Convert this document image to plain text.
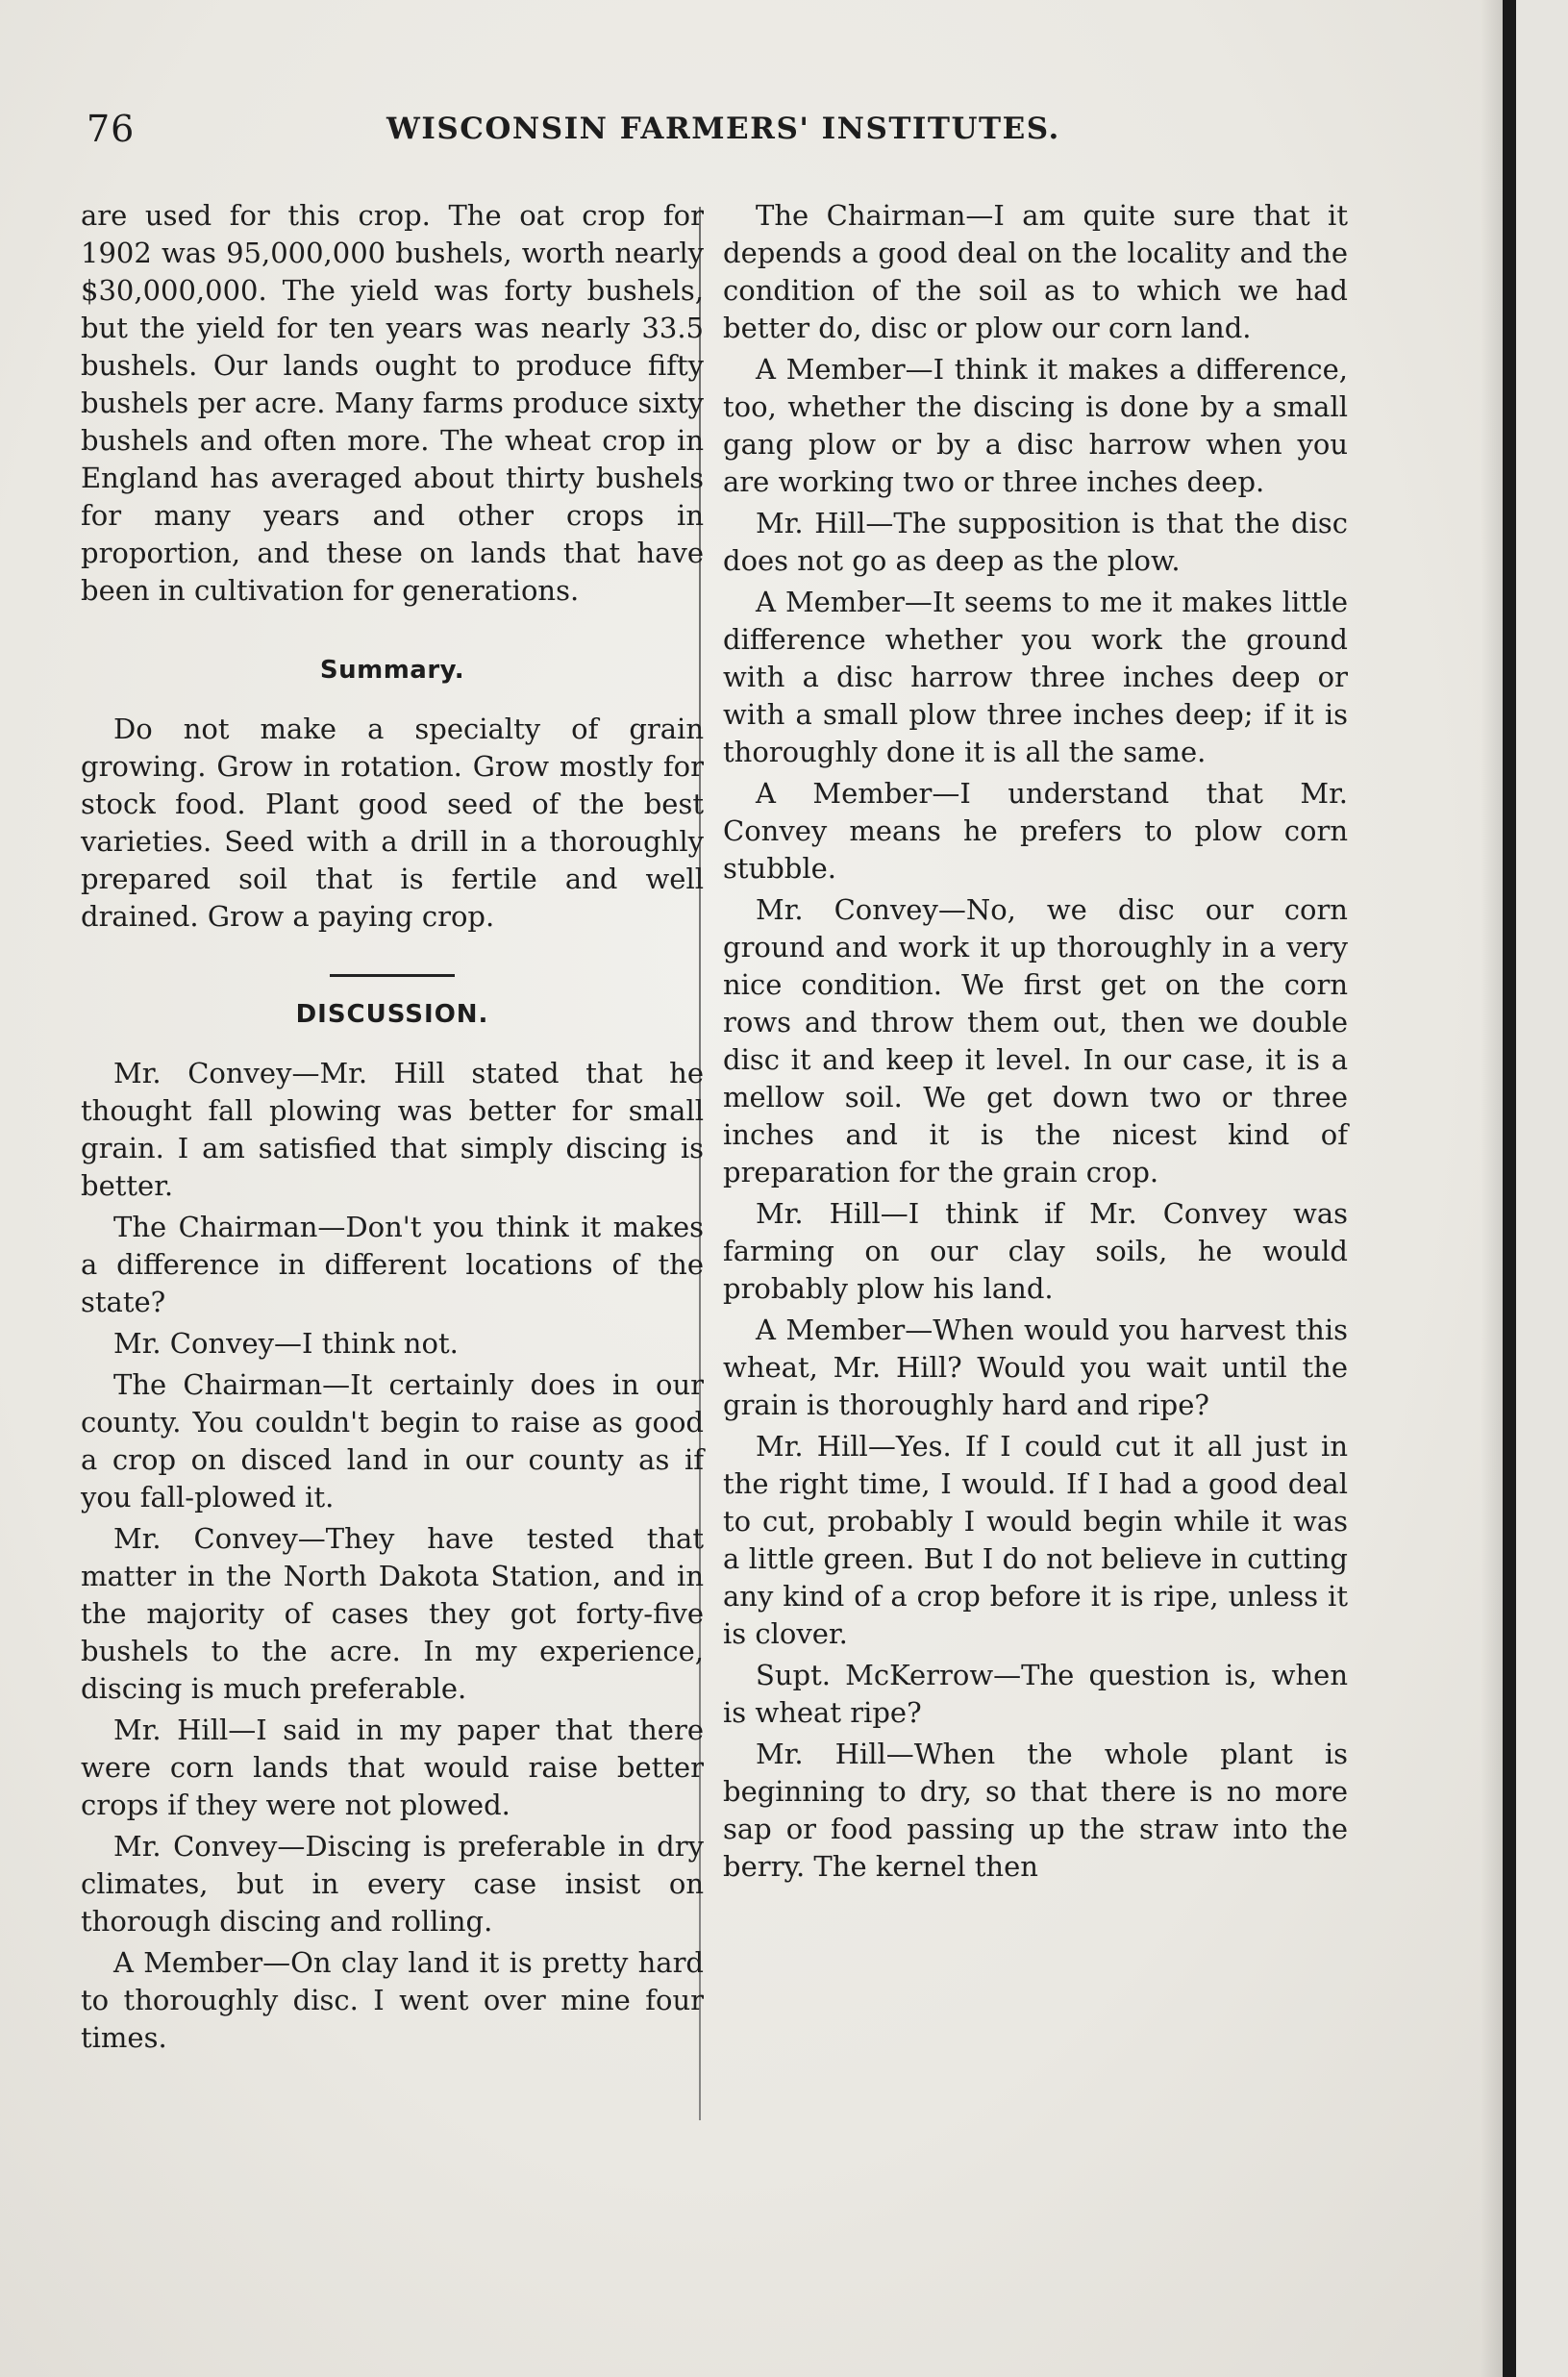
76	WISCONSIN FARMERS' INSTITUTES.

are used for this crop. The oat crop for 1902 was 95,000,000 bushels, worth nearly $30,000,000. The yield was forty bushels, but the yield for ten years was nearly 33.5 bushels. Our lands ought to produce fifty bushels per acre. Many farms produce sixty bushels and often more. The wheat crop in England has averaged about thirty bushels for many years and other crops in proportion, and these on lands that have been in cultivation for generations.

Summary.

Do not make a specialty of grain growing. Grow in rotation. Grow mostly for stock food. Plant good seed of the best varieties. Seed with a drill in a thoroughly prepared soil that is fertile and well drained. Grow a paying crop.

DISCUSSION.

Mr. Convey—Mr. Hill stated that he thought fall plowing was better for small grain. I am satisfied that simply discing is better.

The Chairman—Don't you think it makes a difference in different locations of the state?

Mr. Convey—I think not.

The Chairman—It certainly does in our county. You couldn't begin to raise as good a crop on disced land in our county as if you fall-plowed it.

Mr. Convey—They have tested that matter in the North Dakota Station, and in the majority of cases they got forty-five bushels to the acre. In my experience, discing is much preferable.

Mr. Hill—I said in my paper that there were corn lands that would raise better crops if they were not plowed.

Mr. Convey—Discing is preferable in dry climates, but in every case insist on thorough discing and rolling.

A Member—On clay land it is pretty hard to thoroughly disc. I went over mine four times.

The Chairman—I am quite sure that it depends a good deal on the locality and the condition of the soil as to which we had better do, disc or plow our corn land.

A Member—I think it makes a difference, too, whether the discing is done by a small gang plow or by a disc harrow when you are working two or three inches deep.

Mr. Hill—The supposition is that the disc does not go as deep as the plow.

A Member—It seems to me it makes little difference whether you work the ground with a disc harrow three inches deep or with a small plow three inches deep; if it is thoroughly done it is all the same.

A Member—I understand that Mr. Convey means he prefers to plow corn stubble.

Mr. Convey—No, we disc our corn ground and work it up thoroughly in a very nice condition. We first get on the corn rows and throw them out, then we double disc it and keep it level. In our case, it is a mellow soil. We get down two or three inches and it is the nicest kind of preparation for the grain crop.

Mr. Hill—I think if Mr. Convey was farming on our clay soils, he would probably plow his land.

A Member—When would you harvest this wheat, Mr. Hill? Would you wait until the grain is thoroughly hard and ripe?

Mr. Hill—Yes. If I could cut it all just in the right time, I would. If I had a good deal to cut, probably I would begin while it was a little green. But I do not believe in cutting any kind of a crop before it is ripe, unless it is clover.

Supt. McKerrow—The question is, when is wheat ripe?

Mr. Hill—When the whole plant is beginning to dry, so that there is no more sap or food passing up the straw into the berry. The kernel then
